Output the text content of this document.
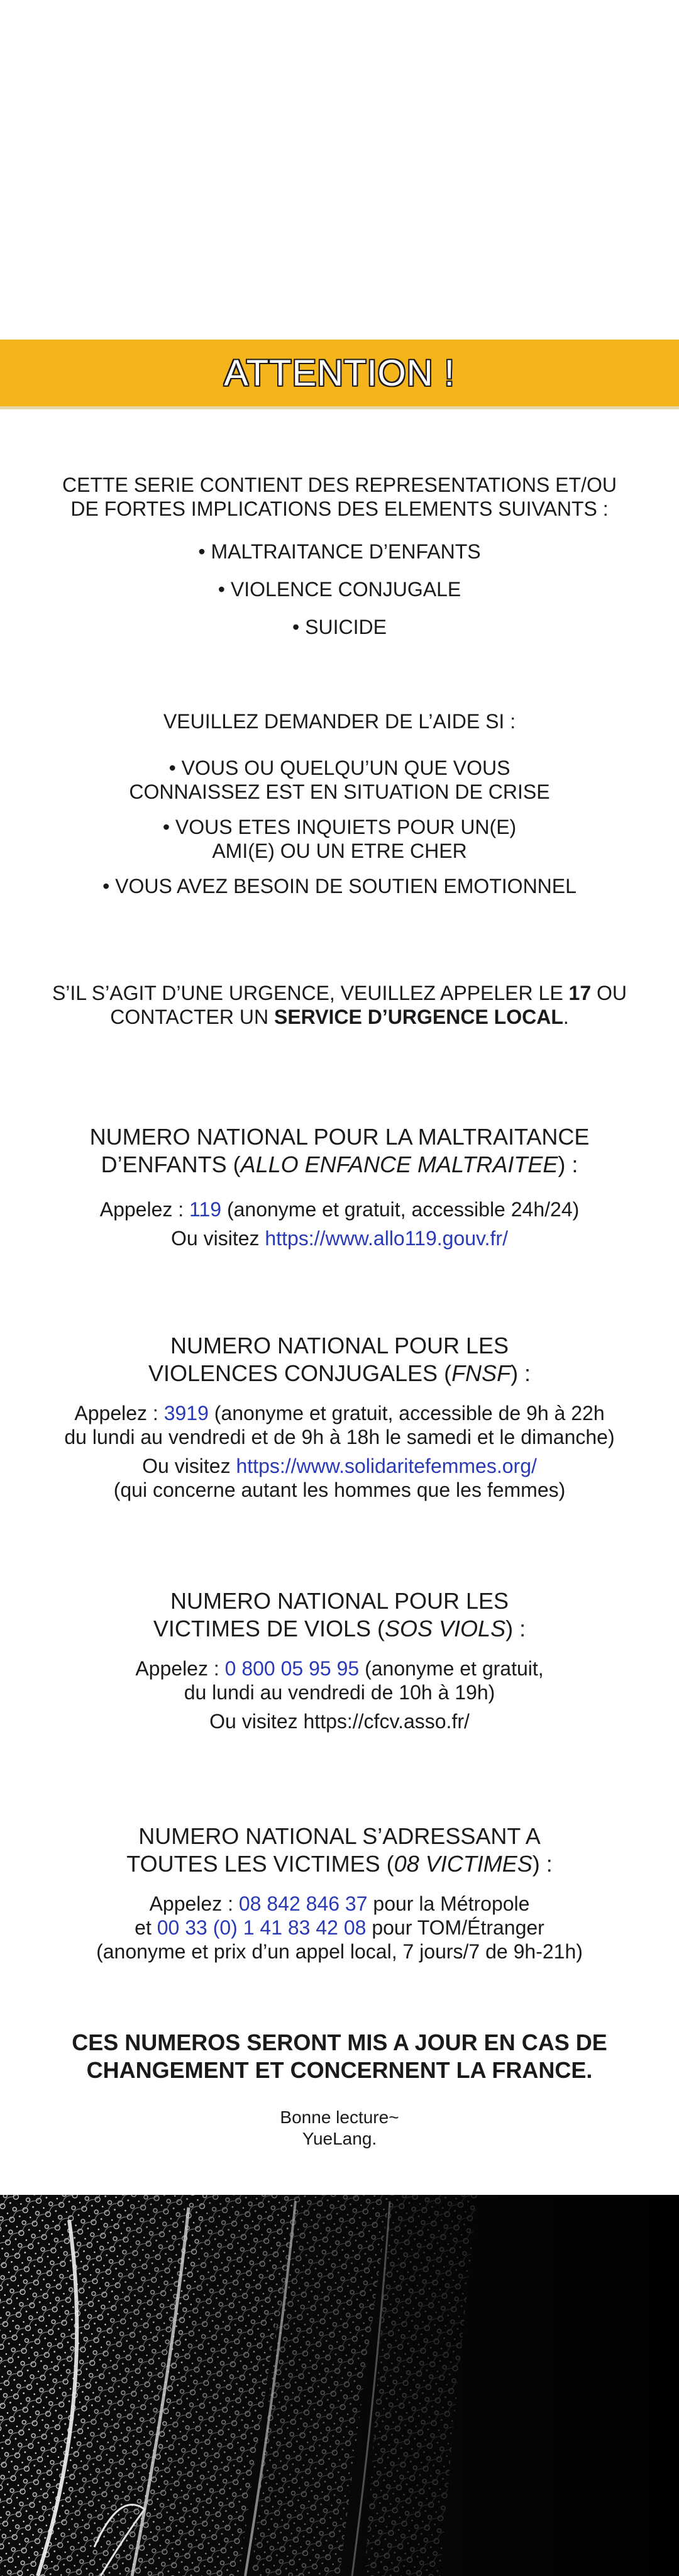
ATTENTION !
CETTE SERIE CONTIENT DES REPRESENTATIONS ET/OU
DE FORTES IMPLICATIONS DES ELEMENTS SUIVANTS :
• MALTRAITANCE D’ENFANTS
• VIOLENCE CONJUGALE
• SUICIDE
VEUILLEZ DEMANDER DE L’AIDE SI :
• VOUS OU QUELQU’UN QUE VOUS
CONNAISSEZ EST EN SITUATION DE CRISE
• VOUS ETES INQUIETS POUR UN(E)
AMI(E) OU UN ETRE CHER
• VOUS AVEZ BESOIN DE SOUTIEN EMOTIONNEL
S’IL S’AGIT D’UNE URGENCE, VEUILLEZ APPELER LE 17 OU
CONTACTER UN SERVICE D’URGENCE LOCAL.
NUMERO NATIONAL POUR LA MALTRAITANCE
D’ENFANTS (ALLO ENFANCE MALTRAITEE) :
Appelez : 119 (anonyme et gratuit, accessible 24h/24)
Ou visitez https://www.allo119.gouv.fr/
NUMERO NATIONAL POUR LES
VIOLENCES CONJUGALES (FNSF) :
Appelez : 3919 (anonyme et gratuit, accessible de 9h à 22h
du lundi au vendredi et de 9h à 18h le samedi et le dimanche)
Ou visitez https://www.solidaritefemmes.org/
(qui concerne autant les hommes que les femmes)
NUMERO NATIONAL POUR LES
VICTIMES DE VIOLS (SOS VIOLS) :
Appelez : 0 800 05 95 95 (anonyme et gratuit,
du lundi au vendredi de 10h à 19h)
Ou visitez https://cfcv.asso.fr/
NUMERO NATIONAL S’ADRESSANT A
TOUTES LES VICTIMES (08 VICTIMES) :
Appelez : 08 842 846 37 pour la Métropole
et 00 33 (0) 1 41 83 42 08 pour TOM/Étranger
(anonyme et prix d’un appel local, 7 jours/7 de 9h-21h)
CES NUMEROS SERONT MIS A JOUR EN CAS DE
CHANGEMENT ET CONCERNENT LA FRANCE.
Bonne lecture~
YueLang.
